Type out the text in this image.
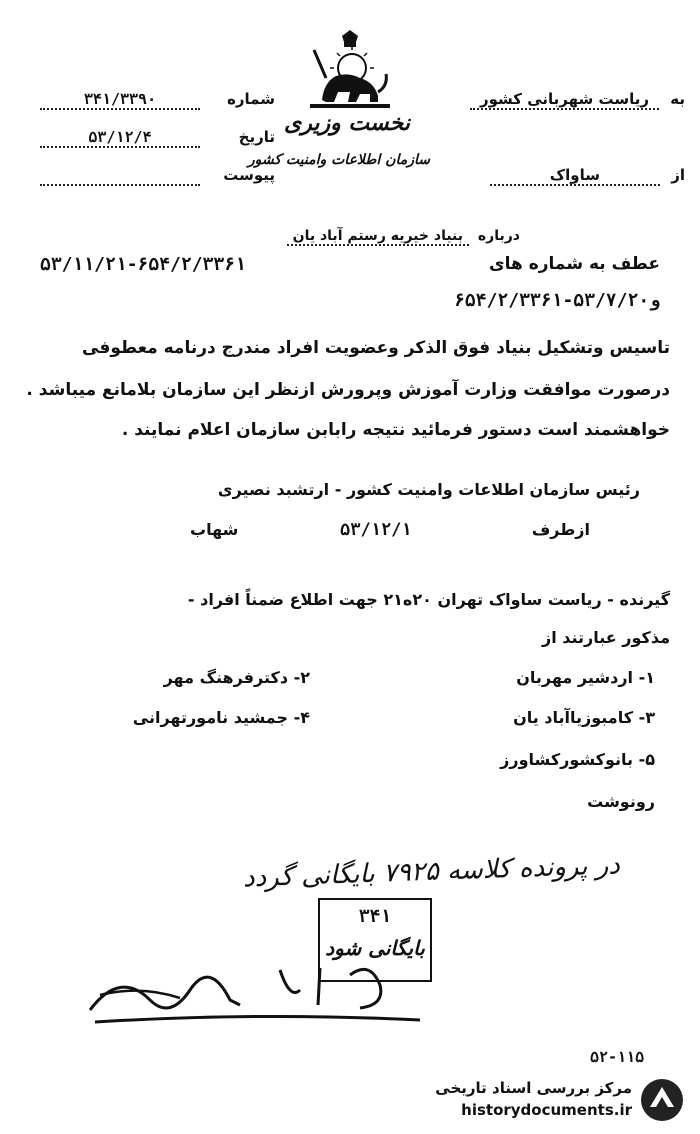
نخست وزیری
سازمان اطلاعات وامنیت کشور
به ریاست شهربانی کشور
از ساواک
۳۴۱/۳۳۹۰	شماره
۵۳/۱۲/۴	تاریخ
پیوست
درباره بنیاد خیریه رستم آباد یان
عطف به شماره های
۵۳/۱۱/۲۱-۶۵۴/۲/۳۳۶۱
و۵۳/۷/۲۰-۶۵۴/۲/۳۳۶۱
تاسیس وتشکیل بنیاد فوق الذکر وعضویت افراد مندرج درنامه معطوفی
درصورت موافقت وزارت آموزش وپرورش ازنظر این سازمان بلامانع میباشد .
خواهشمند است دستور فرمائید نتیجه رابابن سازمان اعلام نمایند .
رئیس سازمان اطلاعات وامنیت کشور - ارتشبد نصیری
ازطرف
۵۳/۱۲/۱
شهاب
گیرنده - ریاست ساواک تهران ۲۰ه۲۱ جهت اطلاع ضمناً افراد -
مذکور عبارتند از
۱- اردشیر مهربان
۲- دکترفرهنگ مهر
۳- کامبوزیاآباد یان
۴- جمشید نامورتهرانی
۵- بانوکشورکشاورز
رونوشت
در پرونده کلاسه ۷۹۲۵ بایگانی گردد
۳۴۱
بایگانی شود
۵۲-۱۱۵
مرکز بررسی اسناد تاریخی
historydocuments.ir
